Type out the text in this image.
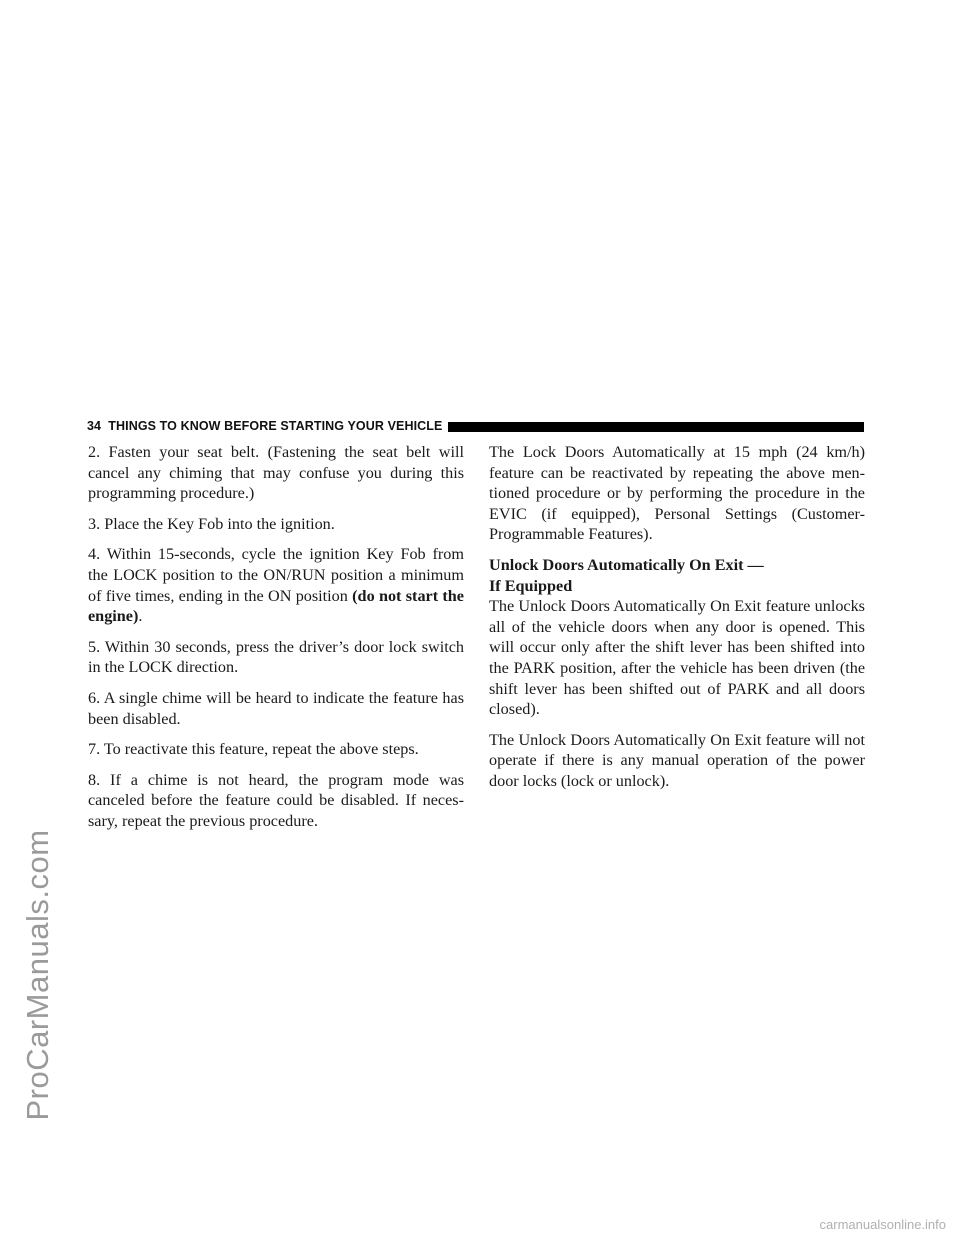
ProCarManuals.com
34 THINGS TO KNOW BEFORE STARTING YOUR VEHICLE

2. Fasten your seat belt. (Fastening the seat belt will cancel any chiming that may confuse you during this programming procedure.)

3. Place the Key Fob into the ignition.

4. Within 15-seconds, cycle the ignition Key Fob from the LOCK position to the ON/RUN position a minimum of five times, ending in the ON position (do not start the engine).

5. Within 30 seconds, press the driver’s door lock switch in the LOCK direction.

6. A single chime will be heard to indicate the feature has been disabled.

7. To reactivate this feature, repeat the above steps.

8. If a chime is not heard, the program mode was canceled before the feature could be disabled. If neces-sary, repeat the previous procedure.

The Lock Doors Automatically at 15 mph (24 km/h) feature can be reactivated by repeating the above men-tioned procedure or by performing the procedure in the EVIC (if equipped), Personal Settings (Customer-Programmable Features).

Unlock Doors Automatically On Exit —
If Equipped

The Unlock Doors Automatically On Exit feature unlocks all of the vehicle doors when any door is opened. This will occur only after the shift lever has been shifted into the PARK position, after the vehicle has been driven (the shift lever has been shifted out of PARK and all doors closed).

The Unlock Doors Automatically On Exit feature will not operate if there is any manual operation of the power door locks (lock or unlock).

carmanualsonline.info
